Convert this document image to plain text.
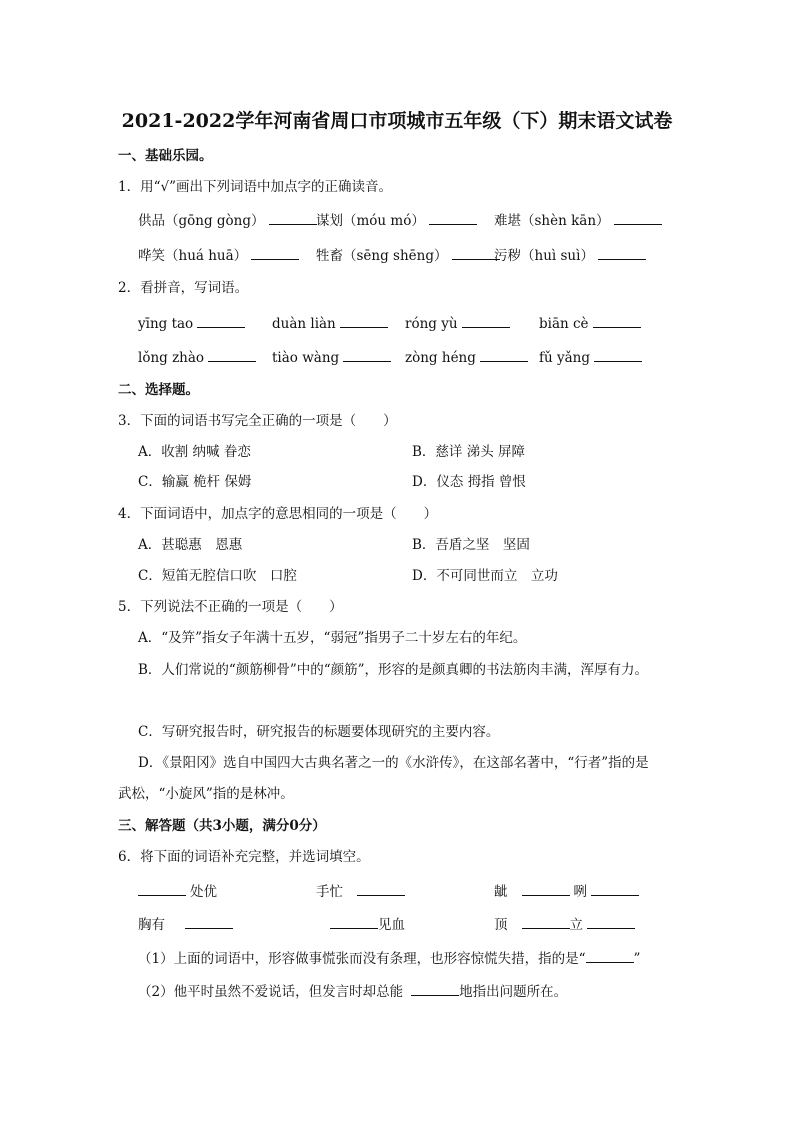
2021-2022学年河南省周口市项城市五年级（下）期末语文试卷
一、基础乐园。
1．用“√”画出下列词语中加点字的正确读音。
供品（gōng gòng）	谋划（móu mó）	难堪（shèn kān）
哗笑（huá huā）	牲畜（sēng shēng）	污秽（huì suì）
2．看拼音，写词语。
yīng tao	duàn liàn	róng yù	biān cè
lǒng zhào	tiào wàng	zòng héng	fǔ yǎng
二、选择题。
3．下面的词语书写完全正确的一项是（　　）
A．收割 纳喊 眷恋	B．慈详 涕头 屏障
C．输赢 桅杆 保姆	D．仪态 拇指 曾恨
4．下面词语中，加点字的意思相同的一项是（　　）
A．甚聪惠　恩惠	B．吾盾之坚　坚固
C．短笛无腔信口吹　口腔	D．不可同世而立　立功
5．下列说法不正确的一项是（　　）
A．“及笄”指女子年满十五岁，“弱冠”指男子二十岁左右的年纪。
B．人们常说的“颜筋柳骨”中的“颜筋”，形容的是颜真卿的书法筋肉丰满，浑厚有力。
C．写研究报告时，研究报告的标题要体现研究的主要内容。
D．《景阳冈》选自中国四大古典名著之一的《水浒传》，在这部名著中，“行者”指的是
武松，“小旋风”指的是林冲。
三、解答题（共3小题，满分0分）
6．将下面的词语补充完整，并选词填空。
处优	手忙	龇	咧
胸有	见血	顶	立
（1）上面的词语中，形容做事慌张而没有条理，也形容惊慌失措，指的是“	”
（2）他平时虽然不爱说话，但发言时却总能	地指出问题所在。
